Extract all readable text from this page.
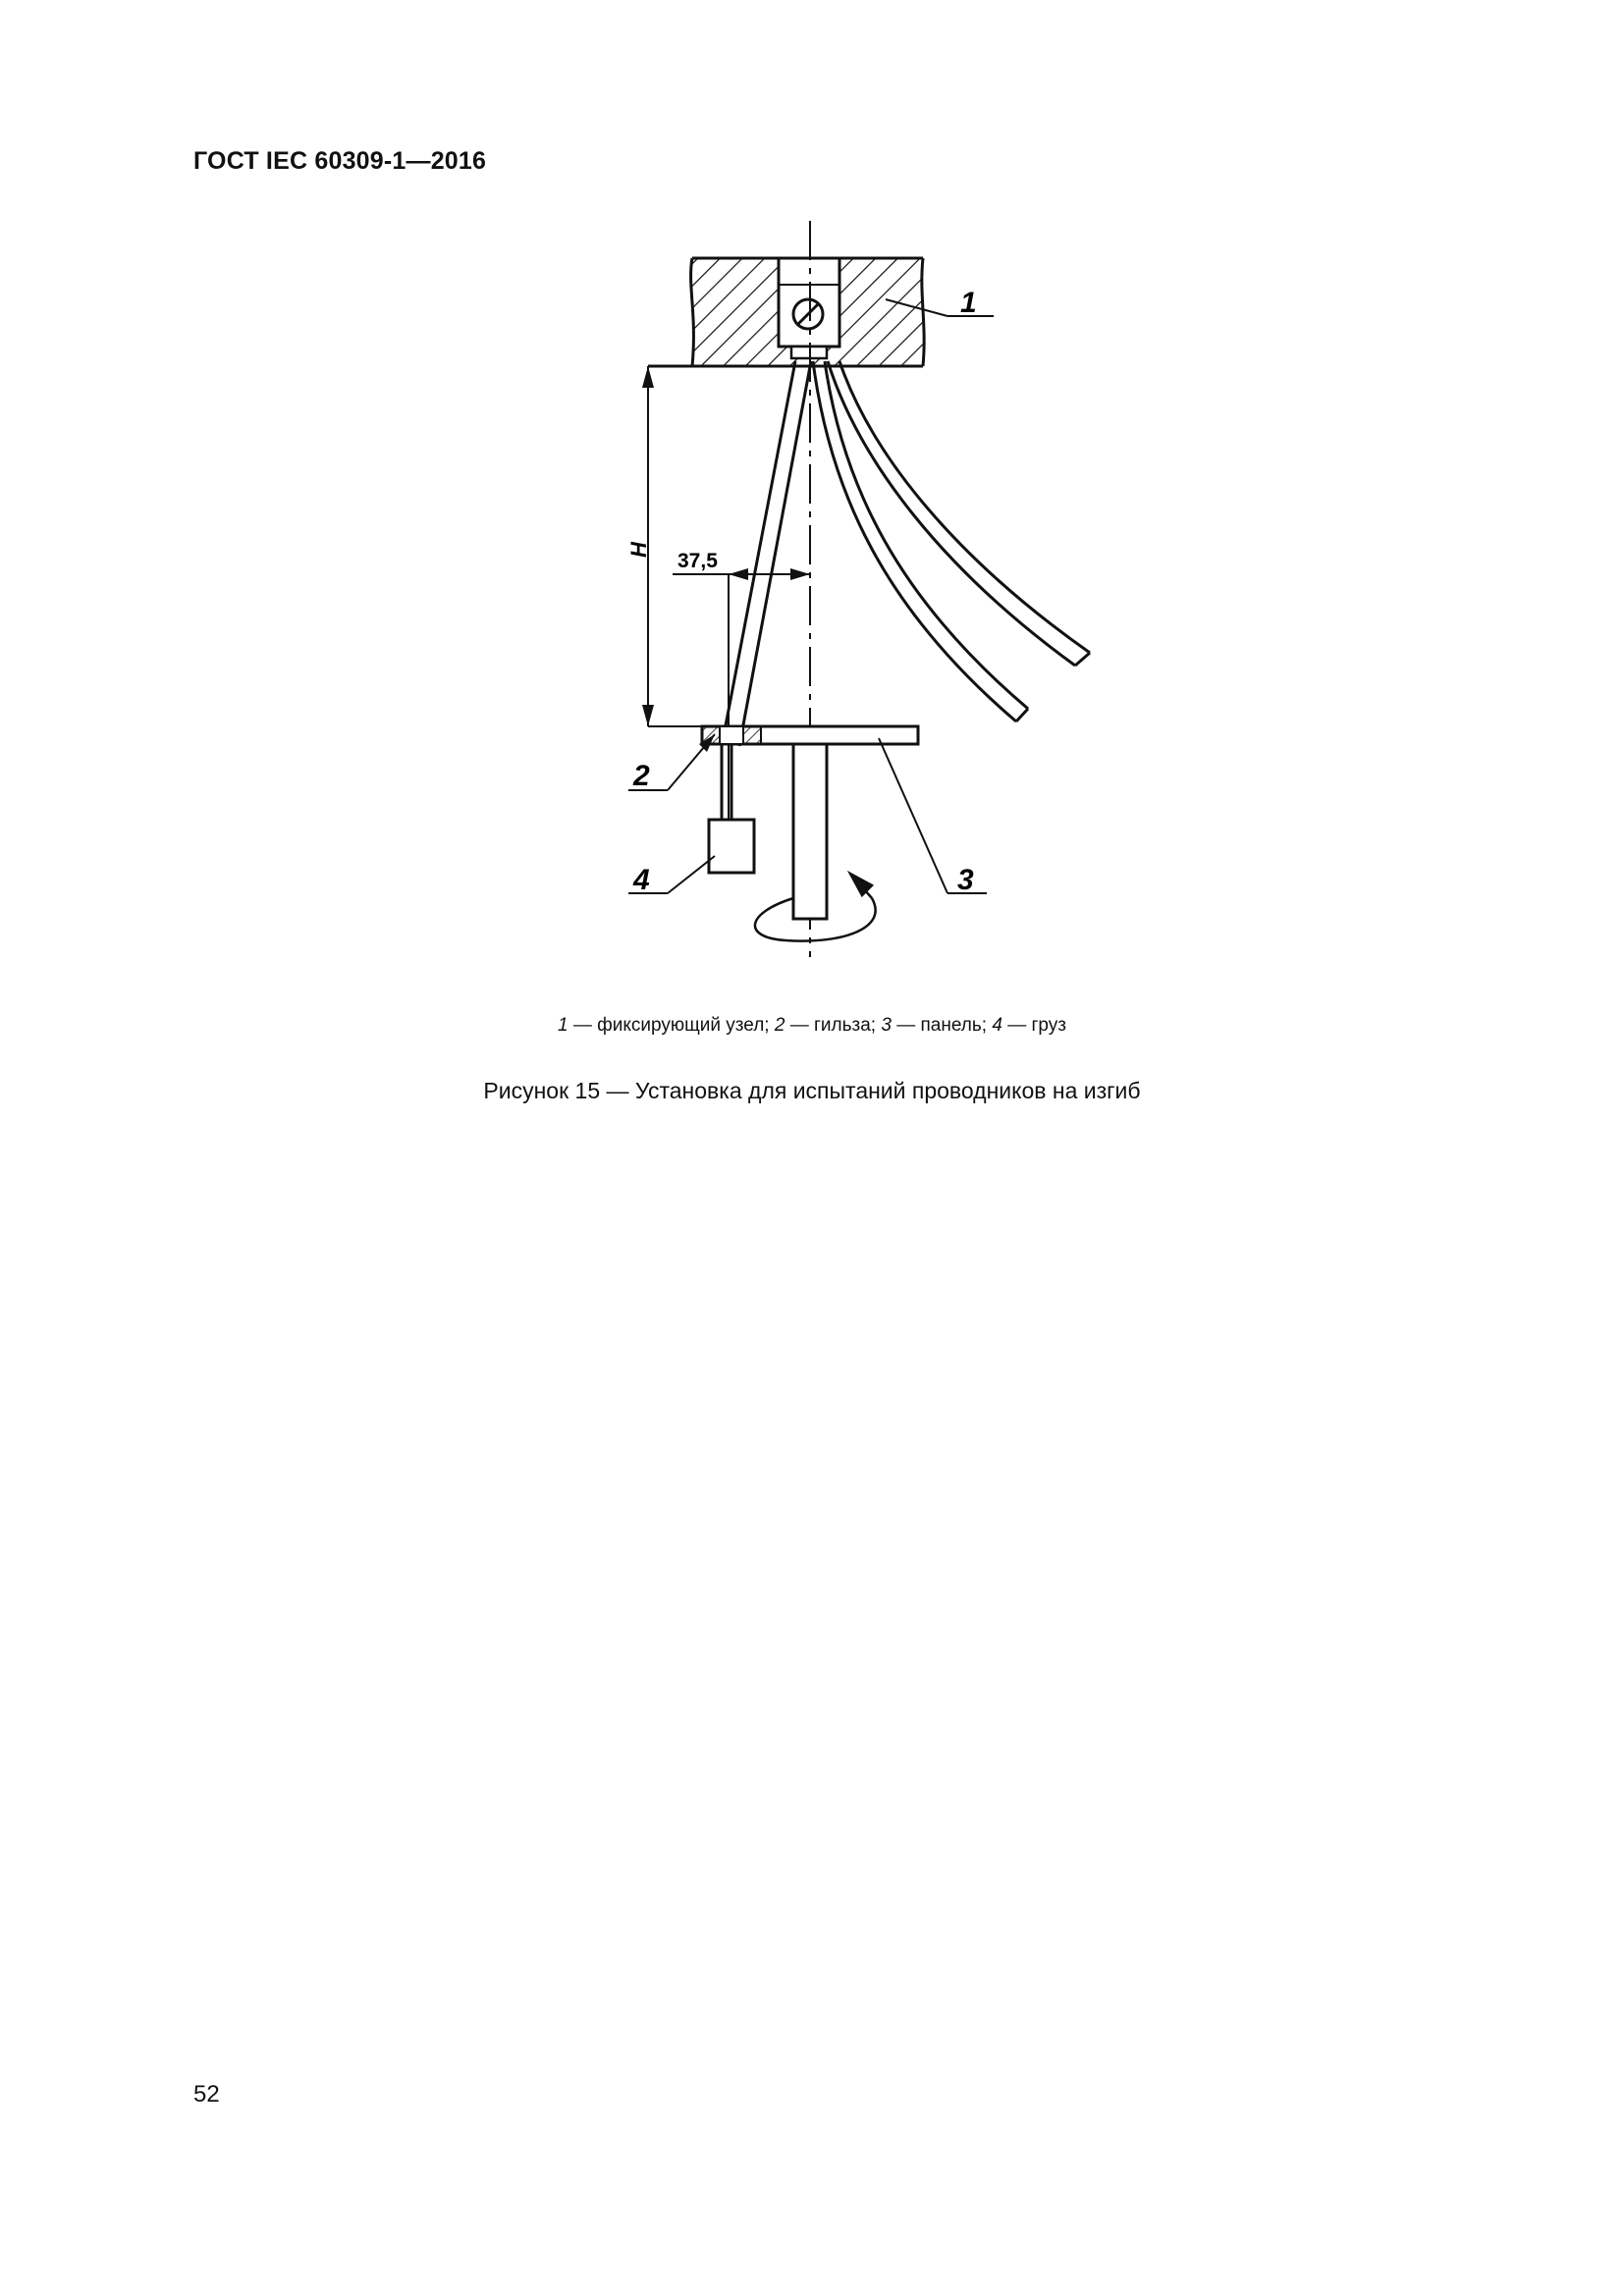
ГОСТ IEC 60309-1—2016
H 37,5
1
2
3
4
1 — фиксирующий узел; 2 — гильза; 3 — панель; 4 — груз
Рисунок 15 — Установка для испытаний проводников на изгиб
52
